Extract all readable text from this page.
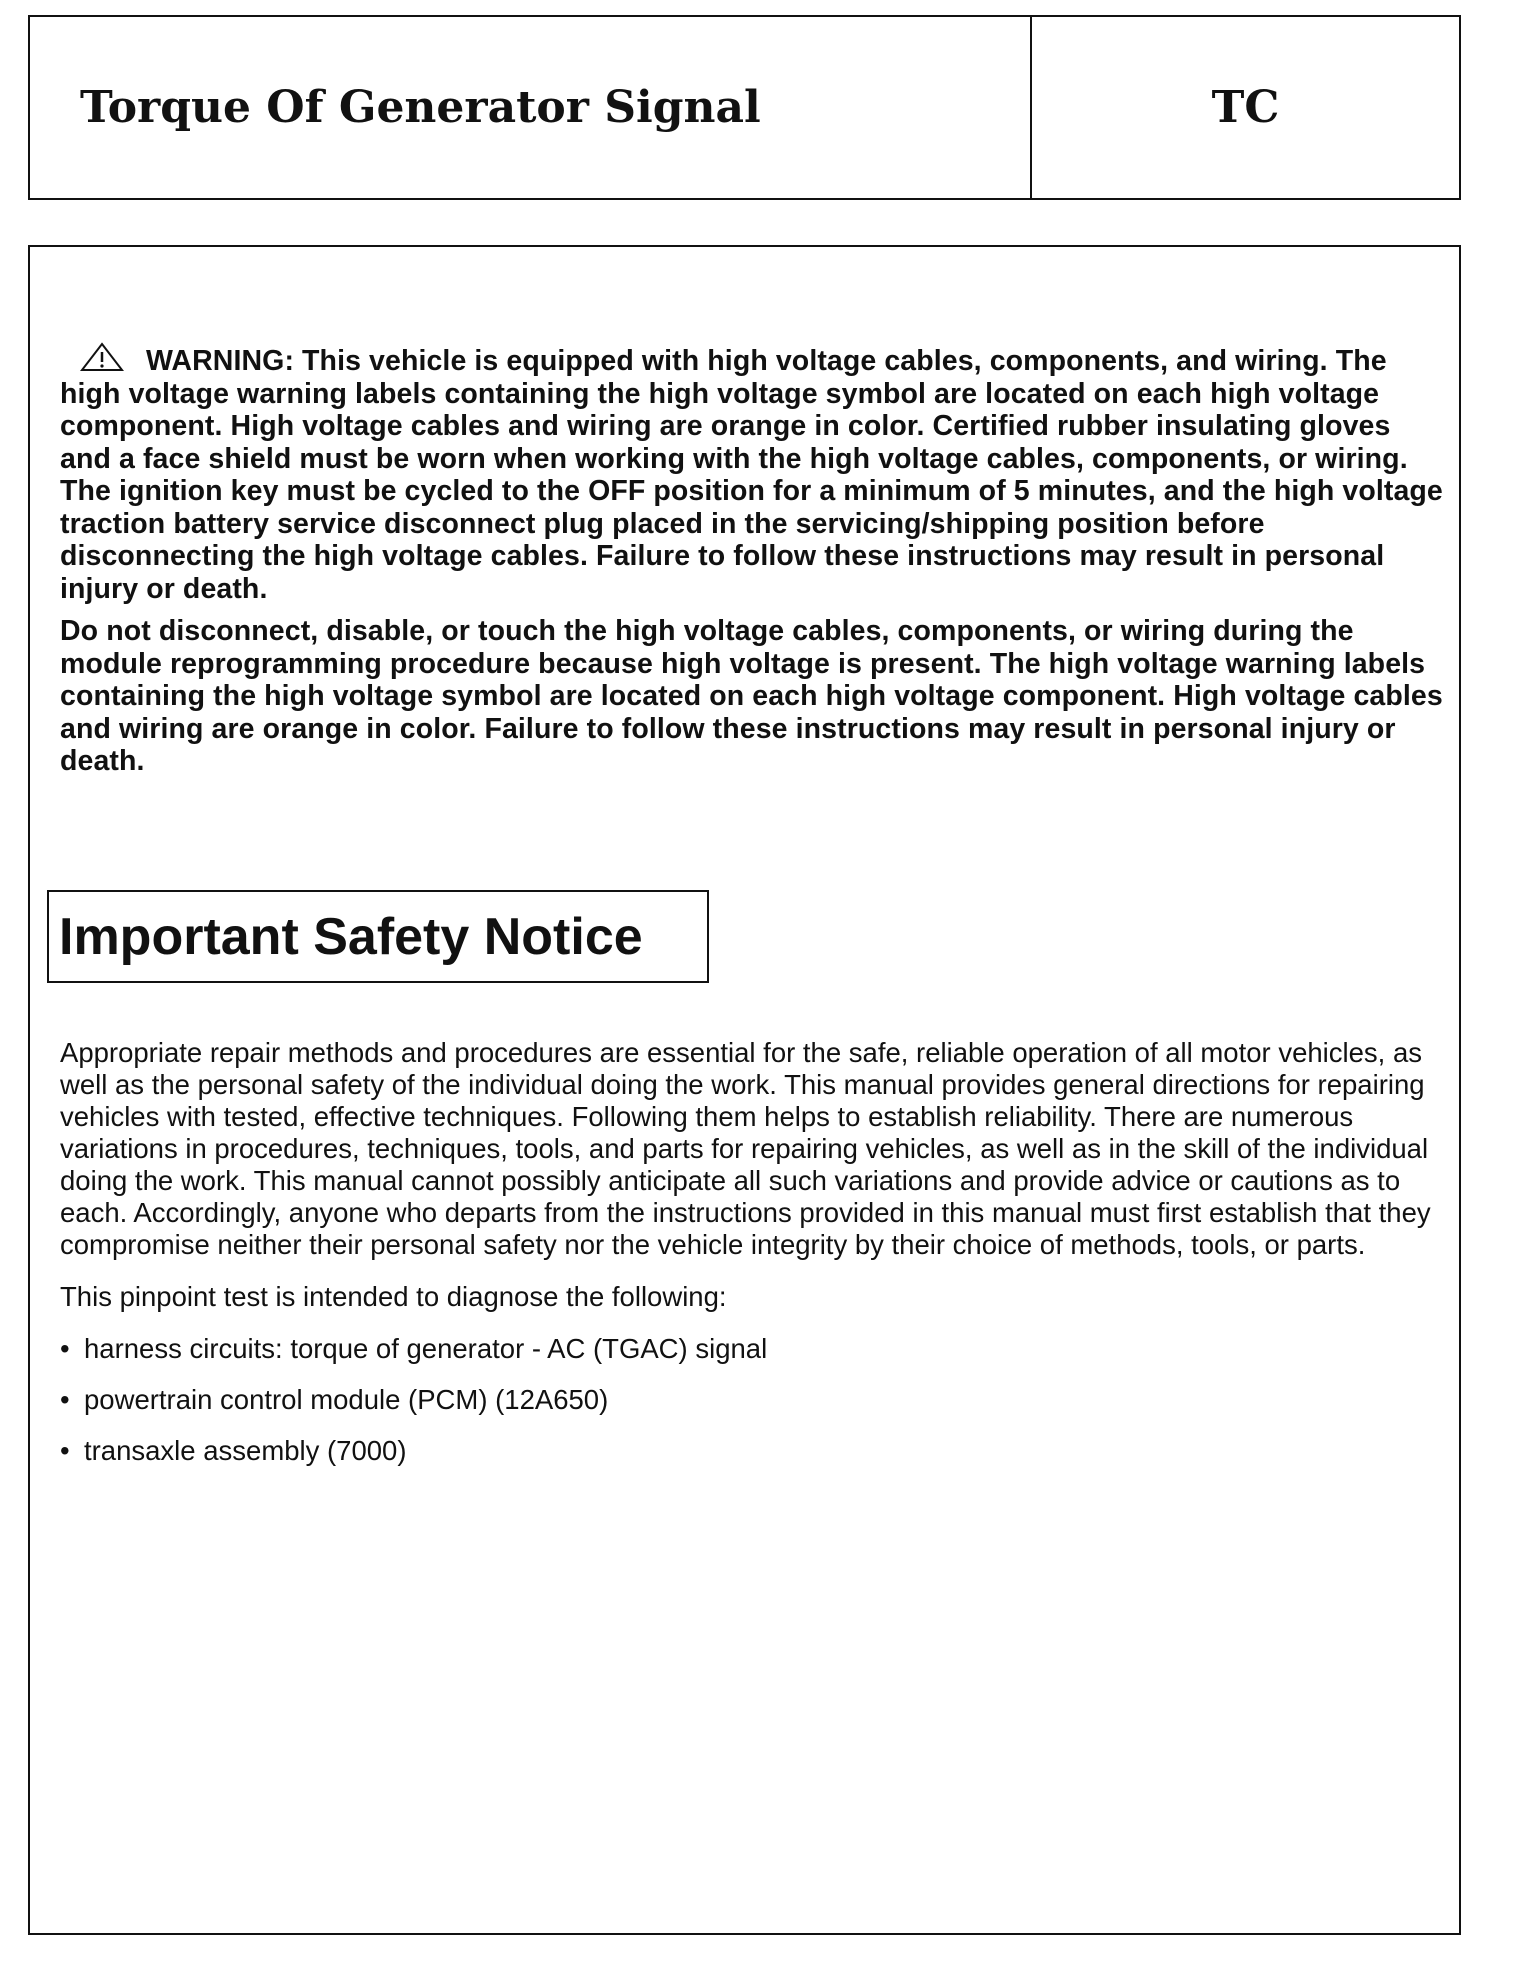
Torque Of Generator Signal	TC

WARNING: This vehicle is equipped with high voltage cables, components, and wiring. The high voltage warning labels containing the high voltage symbol are located on each high voltage component. High voltage cables and wiring are orange in color. Certified rubber insulating gloves and a face shield must be worn when working with the high voltage cables, components, or wiring. The ignition key must be cycled to the OFF position for a minimum of 5 minutes, and the high voltage traction battery service disconnect plug placed in the servicing/shipping position before disconnecting the high voltage cables. Failure to follow these instructions may result in personal injury or death.

Do not disconnect, disable, or touch the high voltage cables, components, or wiring during the module reprogramming procedure because high voltage is present. The high voltage warning labels containing the high voltage symbol are located on each high voltage component. High voltage cables and wiring are orange in color. Failure to follow these instructions may result in personal injury or death.

Important Safety Notice

Appropriate repair methods and procedures are essential for the safe, reliable operation of all motor vehicles, as well as the personal safety of the individual doing the work. This manual provides general directions for repairing vehicles with tested, effective techniques. Following them helps to establish reliability. There are numerous variations in procedures, techniques, tools, and parts for repairing vehicles, as well as in the skill of the individual doing the work. This manual cannot possibly anticipate all such variations and provide advice or cautions as to each. Accordingly, anyone who departs from the instructions provided in this manual must first establish that they compromise neither their personal safety nor the vehicle integrity by their choice of methods, tools, or parts.

This pinpoint test is intended to diagnose the following:

• harness circuits: torque of generator - AC (TGAC) signal
• powertrain control module (PCM) (12A650)
• transaxle assembly (7000)
